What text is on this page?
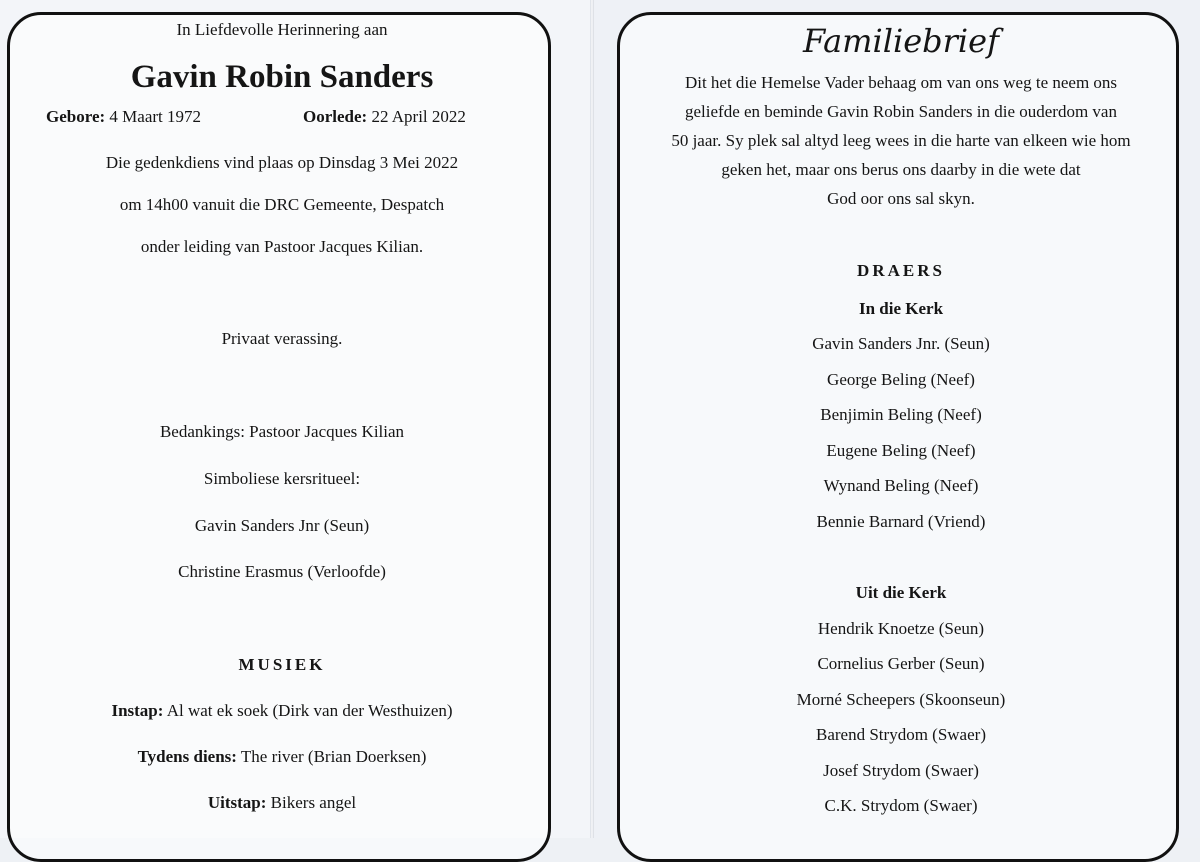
In Liefdevolle Herinnering aan
Gavin Robin Sanders
Gebore: 4 Maart 1972	Oorlede: 22 April 2022
Die gedenkdiens vind plaas op Dinsdag 3 Mei 2022
om 14h00 vanuit die DRC Gemeente, Despatch
onder leiding van Pastoor Jacques Kilian.
Privaat verassing.
Bedankings: Pastoor Jacques Kilian
Simboliese kersritueel:
Gavin Sanders Jnr (Seun)
Christine Erasmus (Verloofde)
MUSIEK
Instap: Al wat ek soek (Dirk van der Westhuizen)
Tydens diens: The river (Brian Doerksen)
Uitstap: Bikers angel
Familiebrief
Dit het die Hemelse Vader behaag om van ons weg te neem ons
geliefde en beminde Gavin Robin Sanders in die ouderdom van
50 jaar. Sy plek sal altyd leeg wees in die harte van elkeen wie hom
geken het, maar ons berus ons daarby in die wete dat
God oor ons sal skyn.
DRAERS
In die Kerk
Gavin Sanders Jnr. (Seun)
George Beling (Neef)
Benjimin Beling (Neef)
Eugene Beling (Neef)
Wynand Beling (Neef)
Bennie Barnard (Vriend)
Uit die Kerk
Hendrik Knoetze (Seun)
Cornelius Gerber (Seun)
Morné Scheepers (Skoonseun)
Barend Strydom (Swaer)
Josef Strydom (Swaer)
C.K. Strydom (Swaer)
